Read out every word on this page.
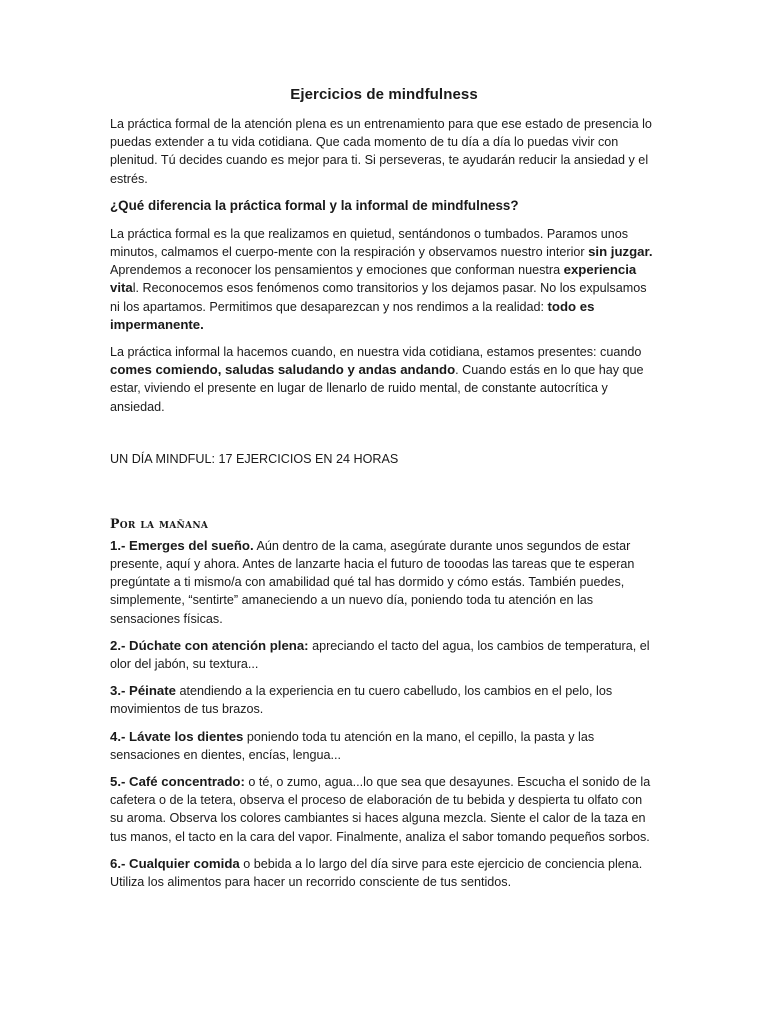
Ejercicios de mindfulness

La práctica formal de la atención plena es un entrenamiento para que ese estado de presencia lo puedas extender a tu vida cotidiana. Que cada momento de tu día a día lo puedas vivir con plenitud. Tú decides cuando es mejor para ti. Si perseveras, te ayudarán reducir la ansiedad y el estrés.

¿Qué diferencia la práctica formal y la informal de mindfulness?

La práctica formal es la que realizamos en quietud, sentándonos o tumbados. Paramos unos minutos, calmamos el cuerpo-mente con la respiración y observamos nuestro interior sin juzgar. Aprendemos a reconocer los pensamientos y emociones que conforman nuestra experiencia vital. Reconocemos esos fenómenos como transitorios y los dejamos pasar. No los expulsamos ni los apartamos. Permitimos que desaparezcan y nos rendimos a la realidad: todo es impermanente.

La práctica informal la hacemos cuando, en nuestra vida cotidiana, estamos presentes: cuando comes comiendo, saludas saludando y andas andando. Cuando estás en lo que hay que estar, viviendo el presente en lugar de llenarlo de ruido mental, de constante autocrítica y ansiedad.

UN DÍA MINDFUL: 17 EJERCICIOS EN 24 HORAS
Por la mañana

1.- Emerges del sueño. Aún dentro de la cama, asegúrate durante unos segundos de estar presente, aquí y ahora. Antes de lanzarte hacia el futuro de tooodas las tareas que te esperan pregúntate a ti mismo/a con amabilidad qué tal has dormido y cómo estás. También puedes, simplemente, “sentirte” amaneciendo a un nuevo día, poniendo toda tu atención en las sensaciones físicas.

2.- Dúchate con atención plena: apreciando el tacto del agua, los cambios de temperatura, el olor del jabón, su textura...

3.- Péinate atendiendo a la experiencia en tu cuero cabelludo, los cambios en el pelo, los movimientos de tus brazos.

4.- Lávate los dientes poniendo toda tu atención en la mano, el cepillo, la pasta y las sensaciones en dientes, encías, lengua...

5.- Café concentrado: o té, o zumo, agua...lo que sea que desayunes. Escucha el sonido de la cafetera o de la tetera, observa el proceso de elaboración de tu bebida y despierta tu olfato con su aroma. Observa los colores cambiantes si haces alguna mezcla. Siente el calor de la taza en tus manos, el tacto en la cara del vapor. Finalmente, analiza el sabor tomando pequeños sorbos.

6.- Cualquier comida o bebida a lo largo del día sirve para este ejercicio de conciencia plena. Utiliza los alimentos para hacer un recorrido consciente de tus sentidos.
